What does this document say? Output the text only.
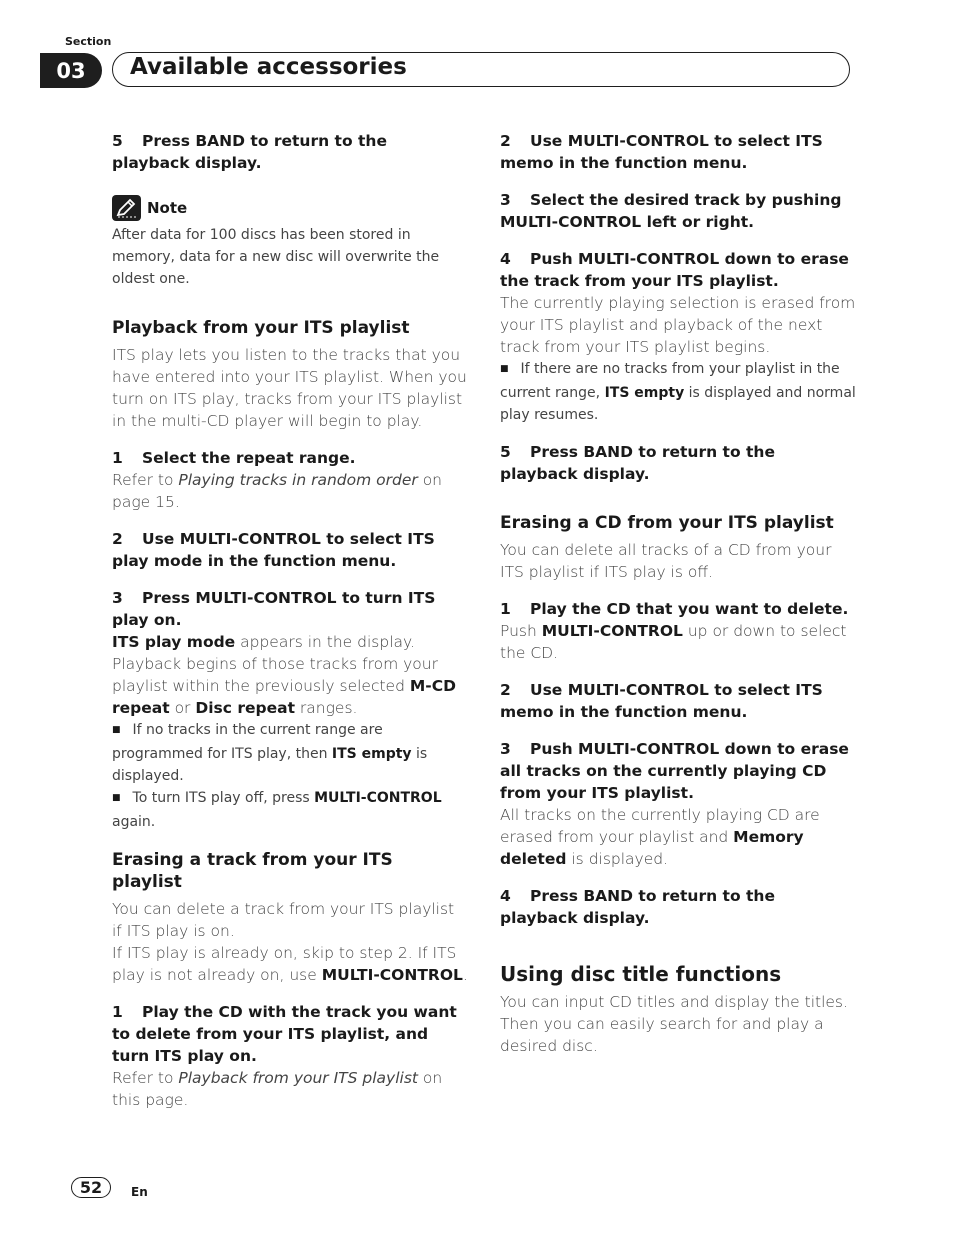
Section
03	Available accessories

5 Press BAND to return to the playback display.

Note

After data for 100 discs has been stored in memory, data for a new disc will overwrite the oldest one.

Playback from your ITS playlist

ITS play lets you listen to the tracks that you have entered into your ITS playlist. When you turn on ITS play, tracks from your ITS playlist in the multi-CD player will begin to play.

1 Select the repeat range.

Refer to Playing tracks in random order on page 15.

2 Use MULTI-CONTROL to select ITS play mode in the function menu.

3 Press MULTI-CONTROL to turn ITS play on.

ITS play mode appears in the display. Playback begins of those tracks from your playlist within the previously selected M-CD repeat or Disc repeat ranges.

■ If no tracks in the current range are programmed for ITS play, then ITS empty is displayed.

■ To turn ITS play off, press MULTI-CONTROL again.

Erasing a track from your ITS playlist

You can delete a track from your ITS playlist if ITS play is on.

If ITS play is already on, skip to step 2. If ITS play is not already on, use MULTI-CONTROL.

1 Play the CD with the track you want to delete from your ITS playlist, and turn ITS play on.

Refer to Playback from your ITS playlist on this page.

2 Use MULTI-CONTROL to select ITS memo in the function menu.

3 Select the desired track by pushing MULTI-CONTROL left or right.

4 Push MULTI-CONTROL down to erase the track from your ITS playlist.

The currently playing selection is erased from your ITS playlist and playback of the next track from your ITS playlist begins.

■ If there are no tracks from your playlist in the current range, ITS empty is displayed and normal play resumes.

5 Press BAND to return to the playback display.

Erasing a CD from your ITS playlist

You can delete all tracks of a CD from your ITS playlist if ITS play is off.

1 Play the CD that you want to delete.

Push MULTI-CONTROL up or down to select the CD.

2 Use MULTI-CONTROL to select ITS memo in the function menu.

3 Push MULTI-CONTROL down to erase all tracks on the currently playing CD from your ITS playlist.

All tracks on the currently playing CD are erased from your playlist and Memory deleted is displayed.

4 Press BAND to return to the playback display.

Using disc title functions

You can input CD titles and display the titles. Then you can easily search for and play a desired disc.

52	En
